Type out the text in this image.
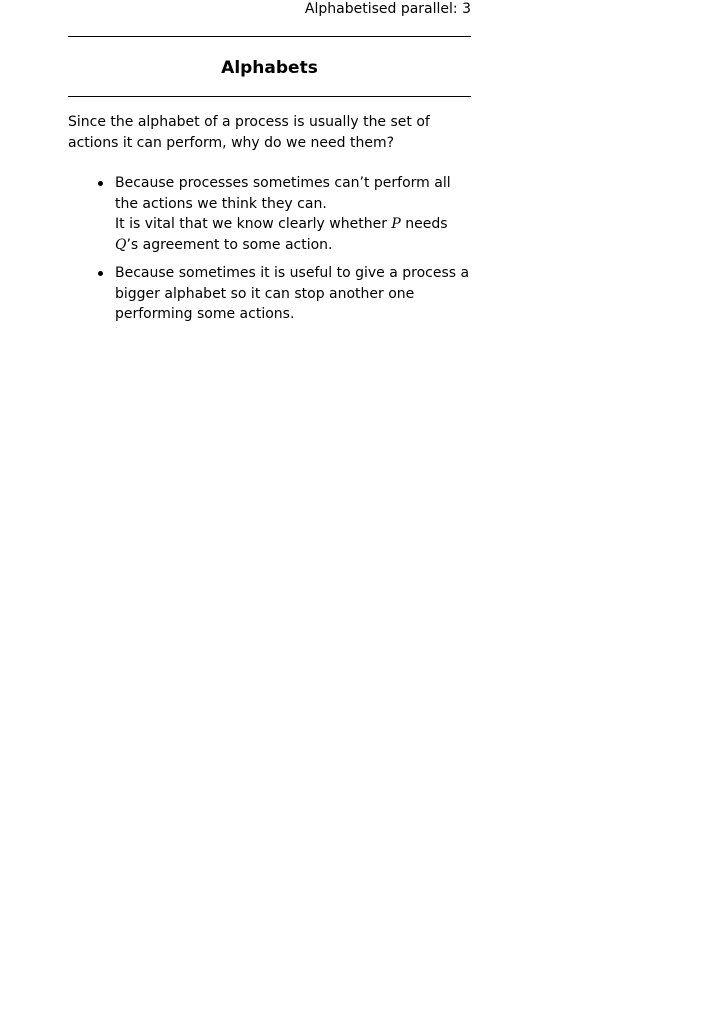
Alphabetised parallel: 3
Alphabets

Since the alphabet of a process is usually the set of actions it can perform, why do we need them?

Because processes sometimes can’t perform all the actions we think they can.
It is vital that we know clearly whether P needs Q’s agreement to some action.
Because sometimes it is useful to give a process a bigger alphabet so it can stop another one performing some actions.
